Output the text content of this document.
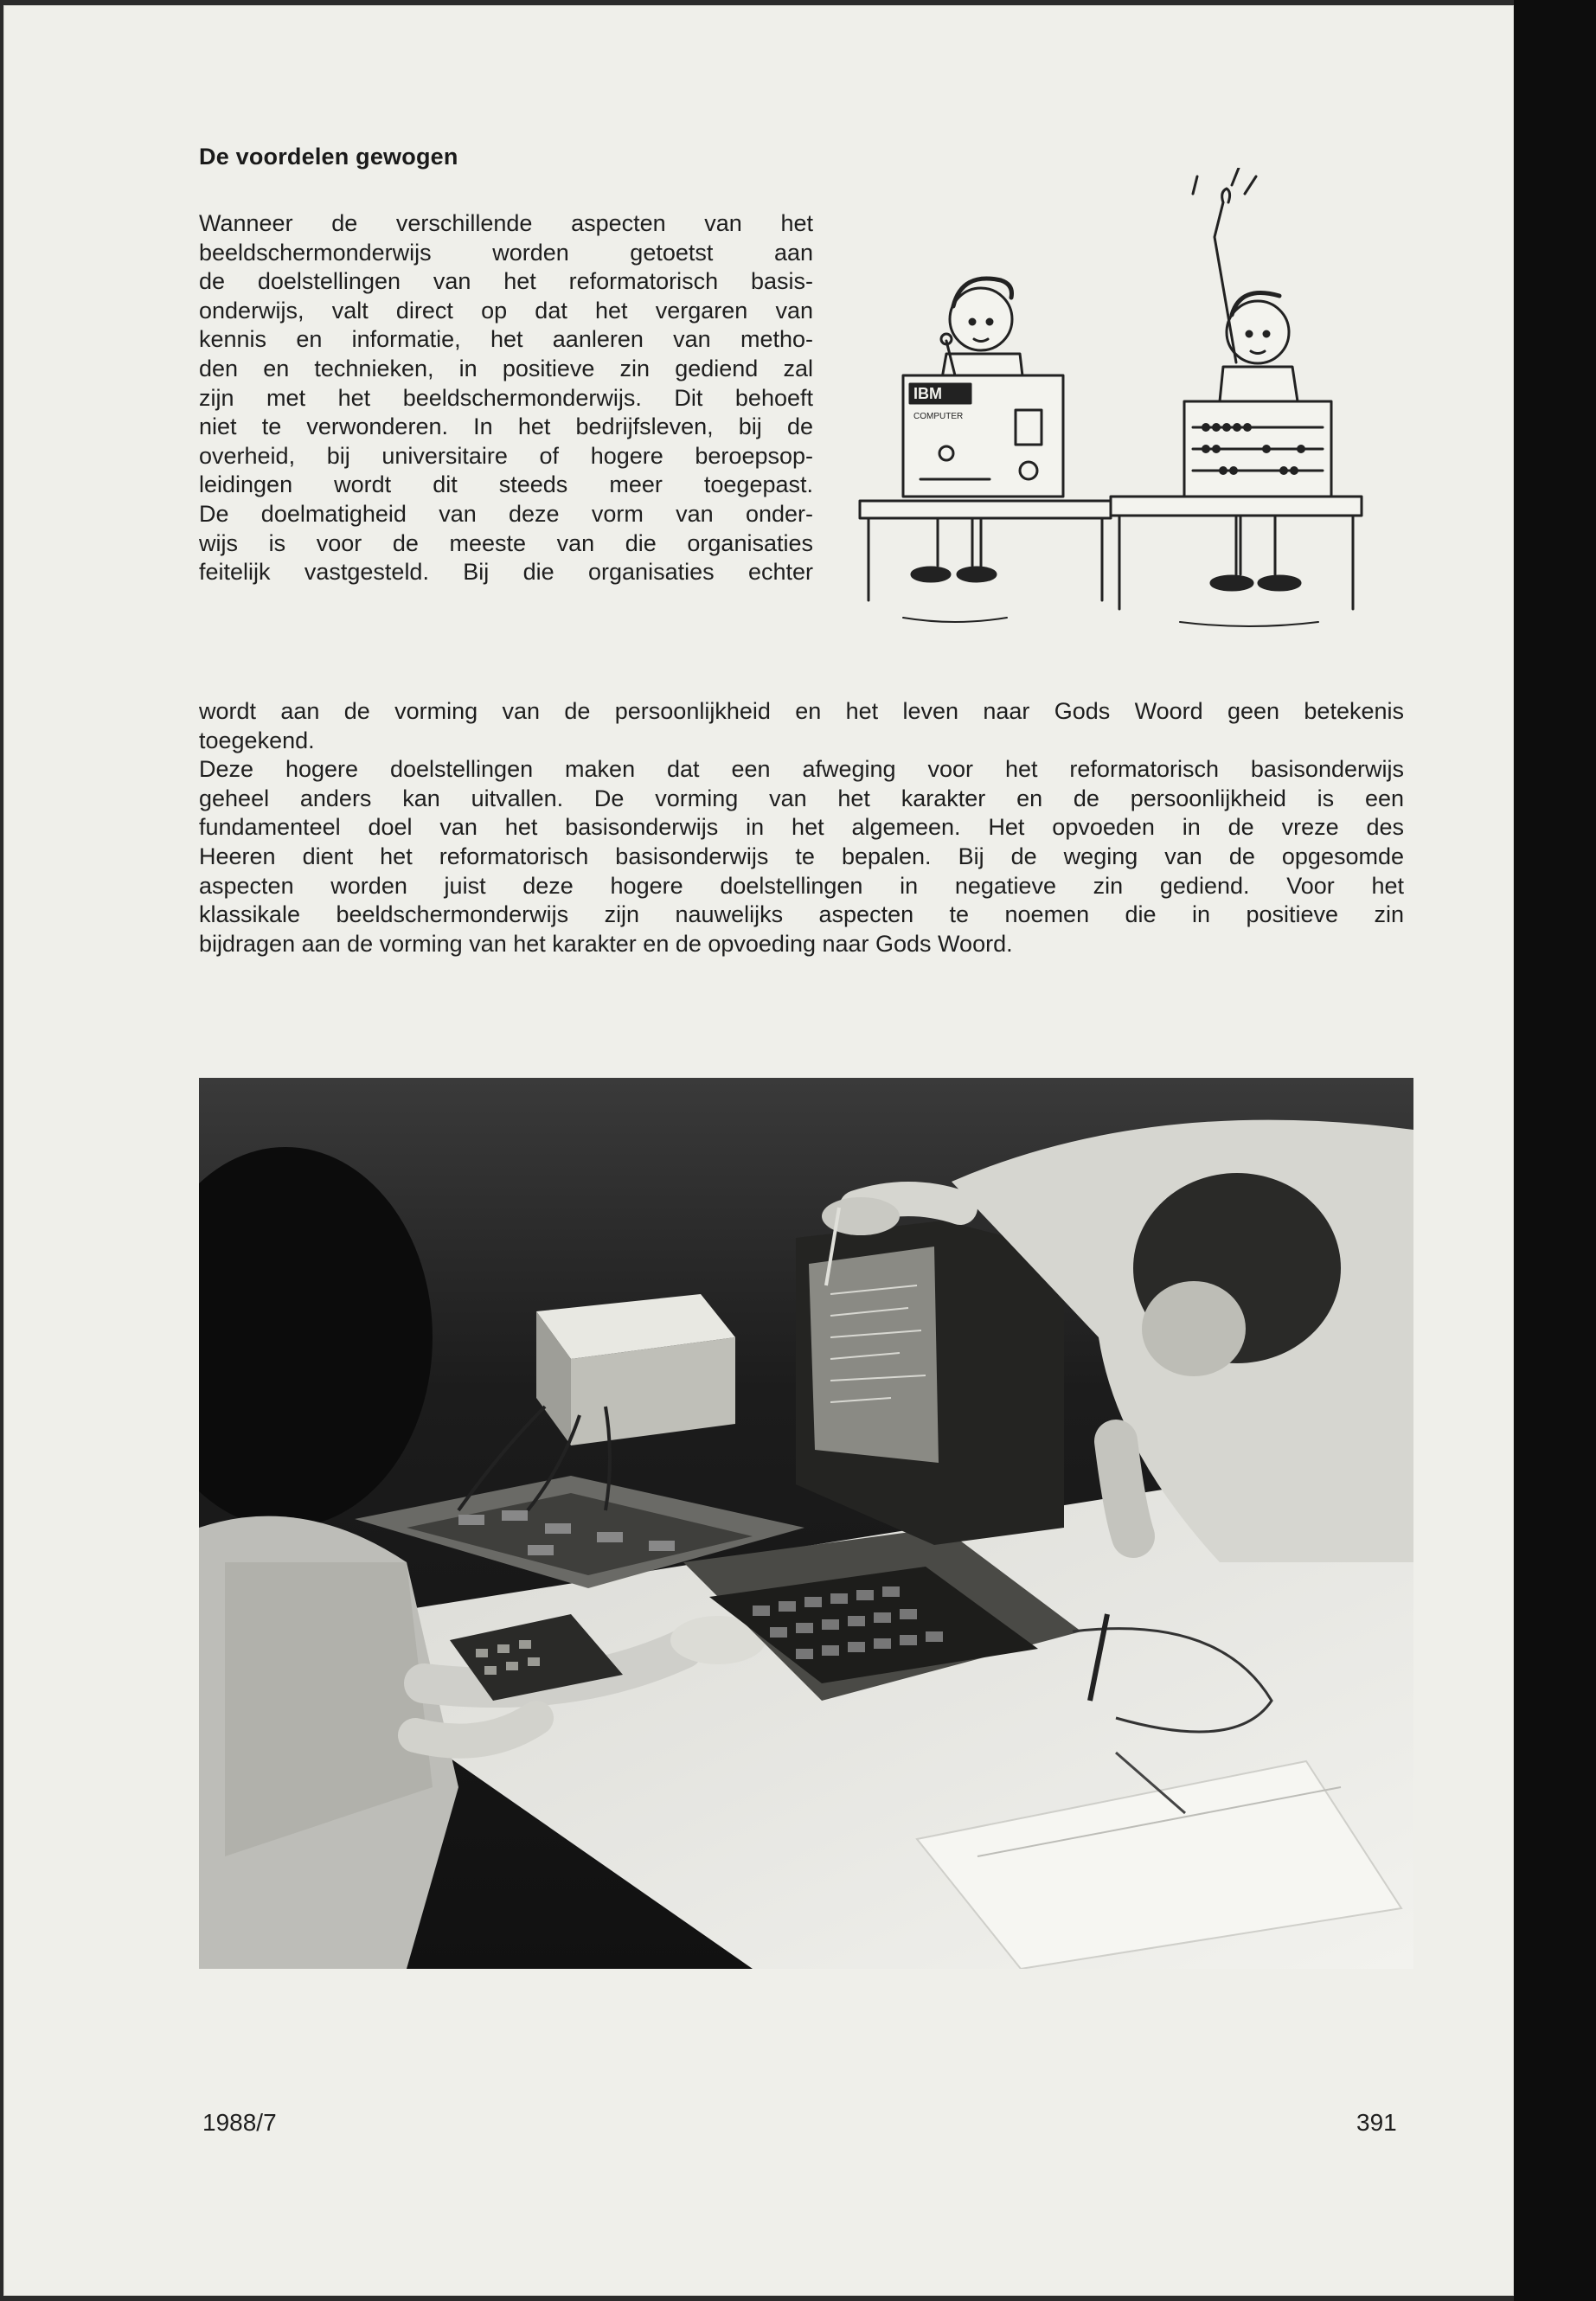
De voordelen gewogen
Wanneer de verschillende aspecten van het
beeldschermonderwijs worden getoetst aan
de doelstellingen van het reformatorisch basis-
onderwijs, valt direct op dat het vergaren van
kennis en informatie, het aanleren van metho-
den en technieken, in positieve zin gediend zal
zijn met het beeldschermonderwijs. Dit behoeft
niet te verwonderen. In het bedrijfsleven, bij de
overheid, bij universitaire of hogere beroepsop-
leidingen wordt dit steeds meer toegepast.
De doelmatigheid van deze vorm van onder-
wijs is voor de meeste van die organisaties
feitelijk vastgesteld. Bij die organisaties echter
IBM
COMPUTER
wordt aan de vorming van de persoonlijkheid en het leven naar Gods Woord geen betekenis
toegekend.
Deze hogere doelstellingen maken dat een afweging voor het reformatorisch basisonderwijs
geheel anders kan uitvallen. De vorming van het karakter en de persoonlijkheid is een
fundamenteel doel van het basisonderwijs in het algemeen. Het opvoeden in de vreze des
Heeren dient het reformatorisch basisonderwijs te bepalen. Bij de weging van de opgesomde
aspecten worden juist deze hogere doelstellingen in negatieve zin gediend. Voor het
klassikale beeldschermonderwijs zijn nauwelijks aspecten te noemen die in positieve zin
bijdragen aan de vorming van het karakter en de opvoeding naar Gods Woord.
1988/7	391
